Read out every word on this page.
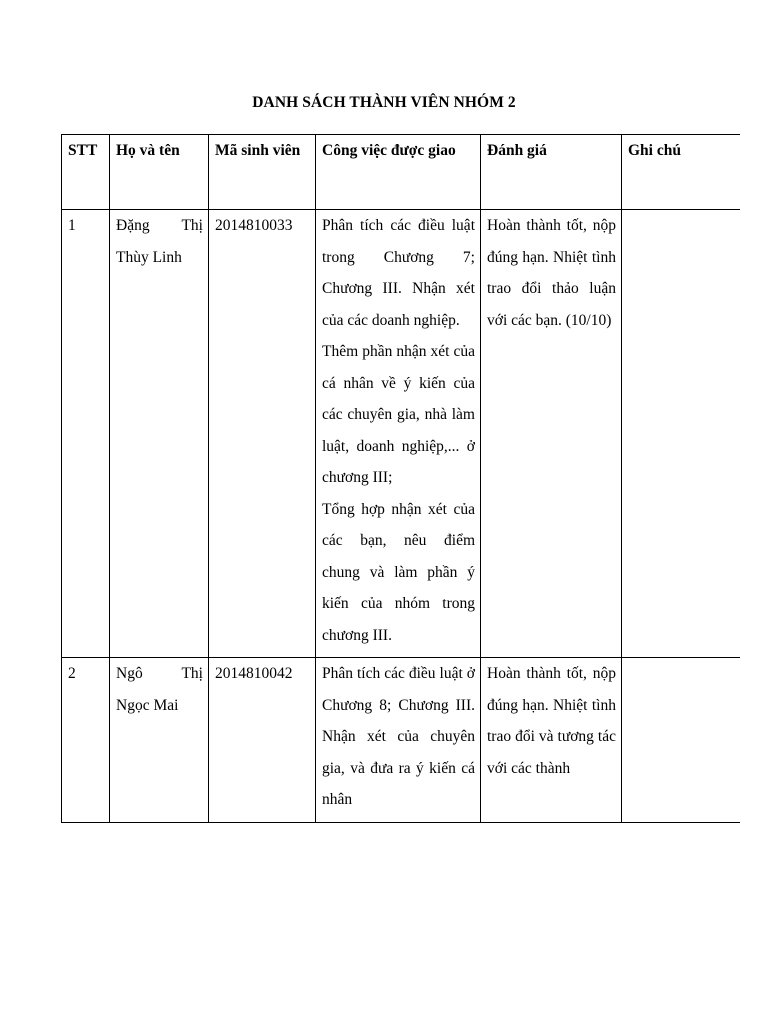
DANH SÁCH THÀNH VIÊN NHÓM 2
STT	Họ và tên	Mã sinh viên	Công việc được giao	Đánh giá	Ghi chú
1	Đặng Thị Thùy Linh	2014810033	Phân tích các điều luật trong Chương 7; Chương III. Nhận xét của các doanh nghiệp.

Thêm phần nhận xét của cá nhân về ý kiến của các chuyên gia, nhà làm luật, doanh nghiệp,... ở chương III;

Tổng hợp nhận xét của các bạn, nêu điểm chung và làm phần ý kiến của nhóm trong chương III.	Hoàn thành tốt, nộp đúng hạn. Nhiệt tình trao đổi thảo luận với các bạn. (10/10)	
2	Ngô Thị Ngọc Mai	2014810042	Phân tích các điều luật ở Chương 8; Chương III. Nhận xét của chuyên gia, và đưa ra ý kiến cá nhân	Hoàn thành tốt, nộp đúng hạn. Nhiệt tình trao đổi và tương tác với các thành	
